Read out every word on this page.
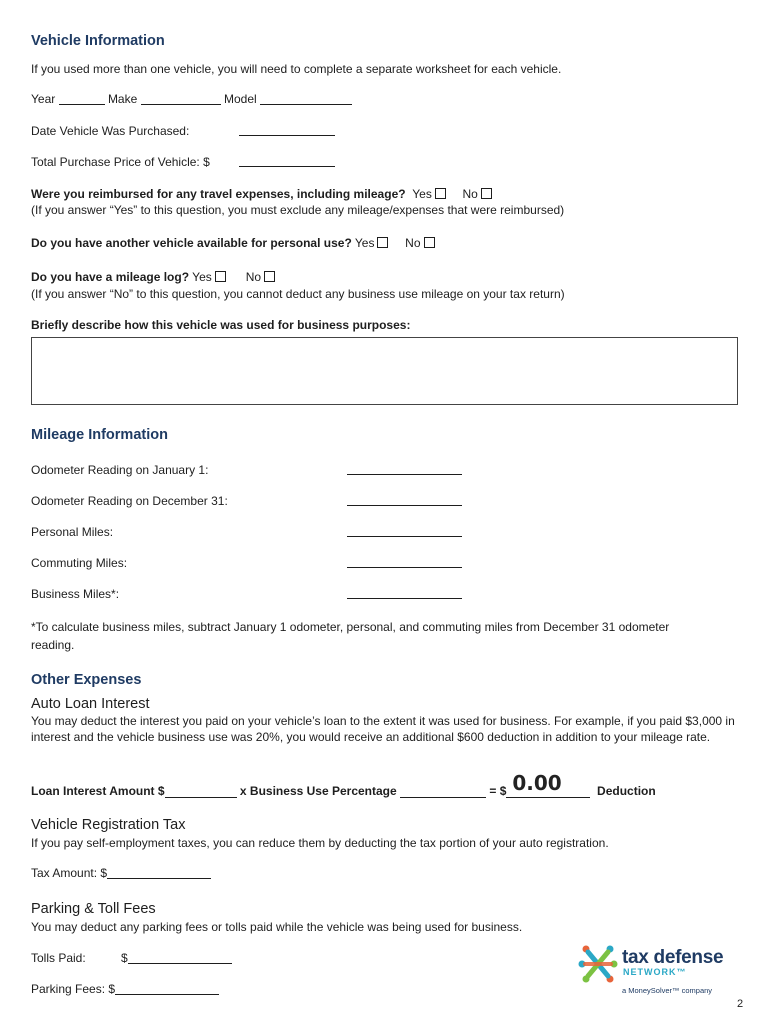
Vehicle Information
If you used more than one vehicle, you will need to complete a separate worksheet for each vehicle.
Year	Make	Model
Date Vehicle Was Purchased:
Total Purchase Price of Vehicle: $
Were you reimbursed for any travel expenses, including mileage? Yes	No
(If you answer “Yes” to this question, you must exclude any mileage/expenses that were reimbursed)
Do you have another vehicle available for personal use? Yes	No
Do you have a mileage log? Yes	No
(If you answer “No” to this question, you cannot deduct any business use mileage on your tax return)
Briefly describe how this vehicle was used for business purposes:
Mileage Information
Odometer Reading on January 1:
Odometer Reading on December 31:
Personal Miles:
Commuting Miles:
Business Miles*:
*To calculate business miles, subtract January 1 odometer, personal, and commuting miles from December 31 odometer reading.
Other Expenses
Auto Loan Interest
You may deduct the interest you paid on your vehicle’s loan to the extent it was used for business. For example, if you paid $3,000 in interest and the vehicle business use was 20%, you would receive an additional $600 deduction in addition to your mileage rate.
Loan Interest Amount $	x Business Use Percentage	= $ 0.00	Deduction
Vehicle Registration Tax
If you pay self-employment taxes, you can reduce them by deducting the tax portion of your auto registration.
Tax Amount: $
Parking & Toll Fees
You may deduct any parking fees or tolls paid while the vehicle was being used for business.
Tolls Paid:	$
Parking Fees: $
tax defense
NETWORK™
a MoneySolver™ company
2
